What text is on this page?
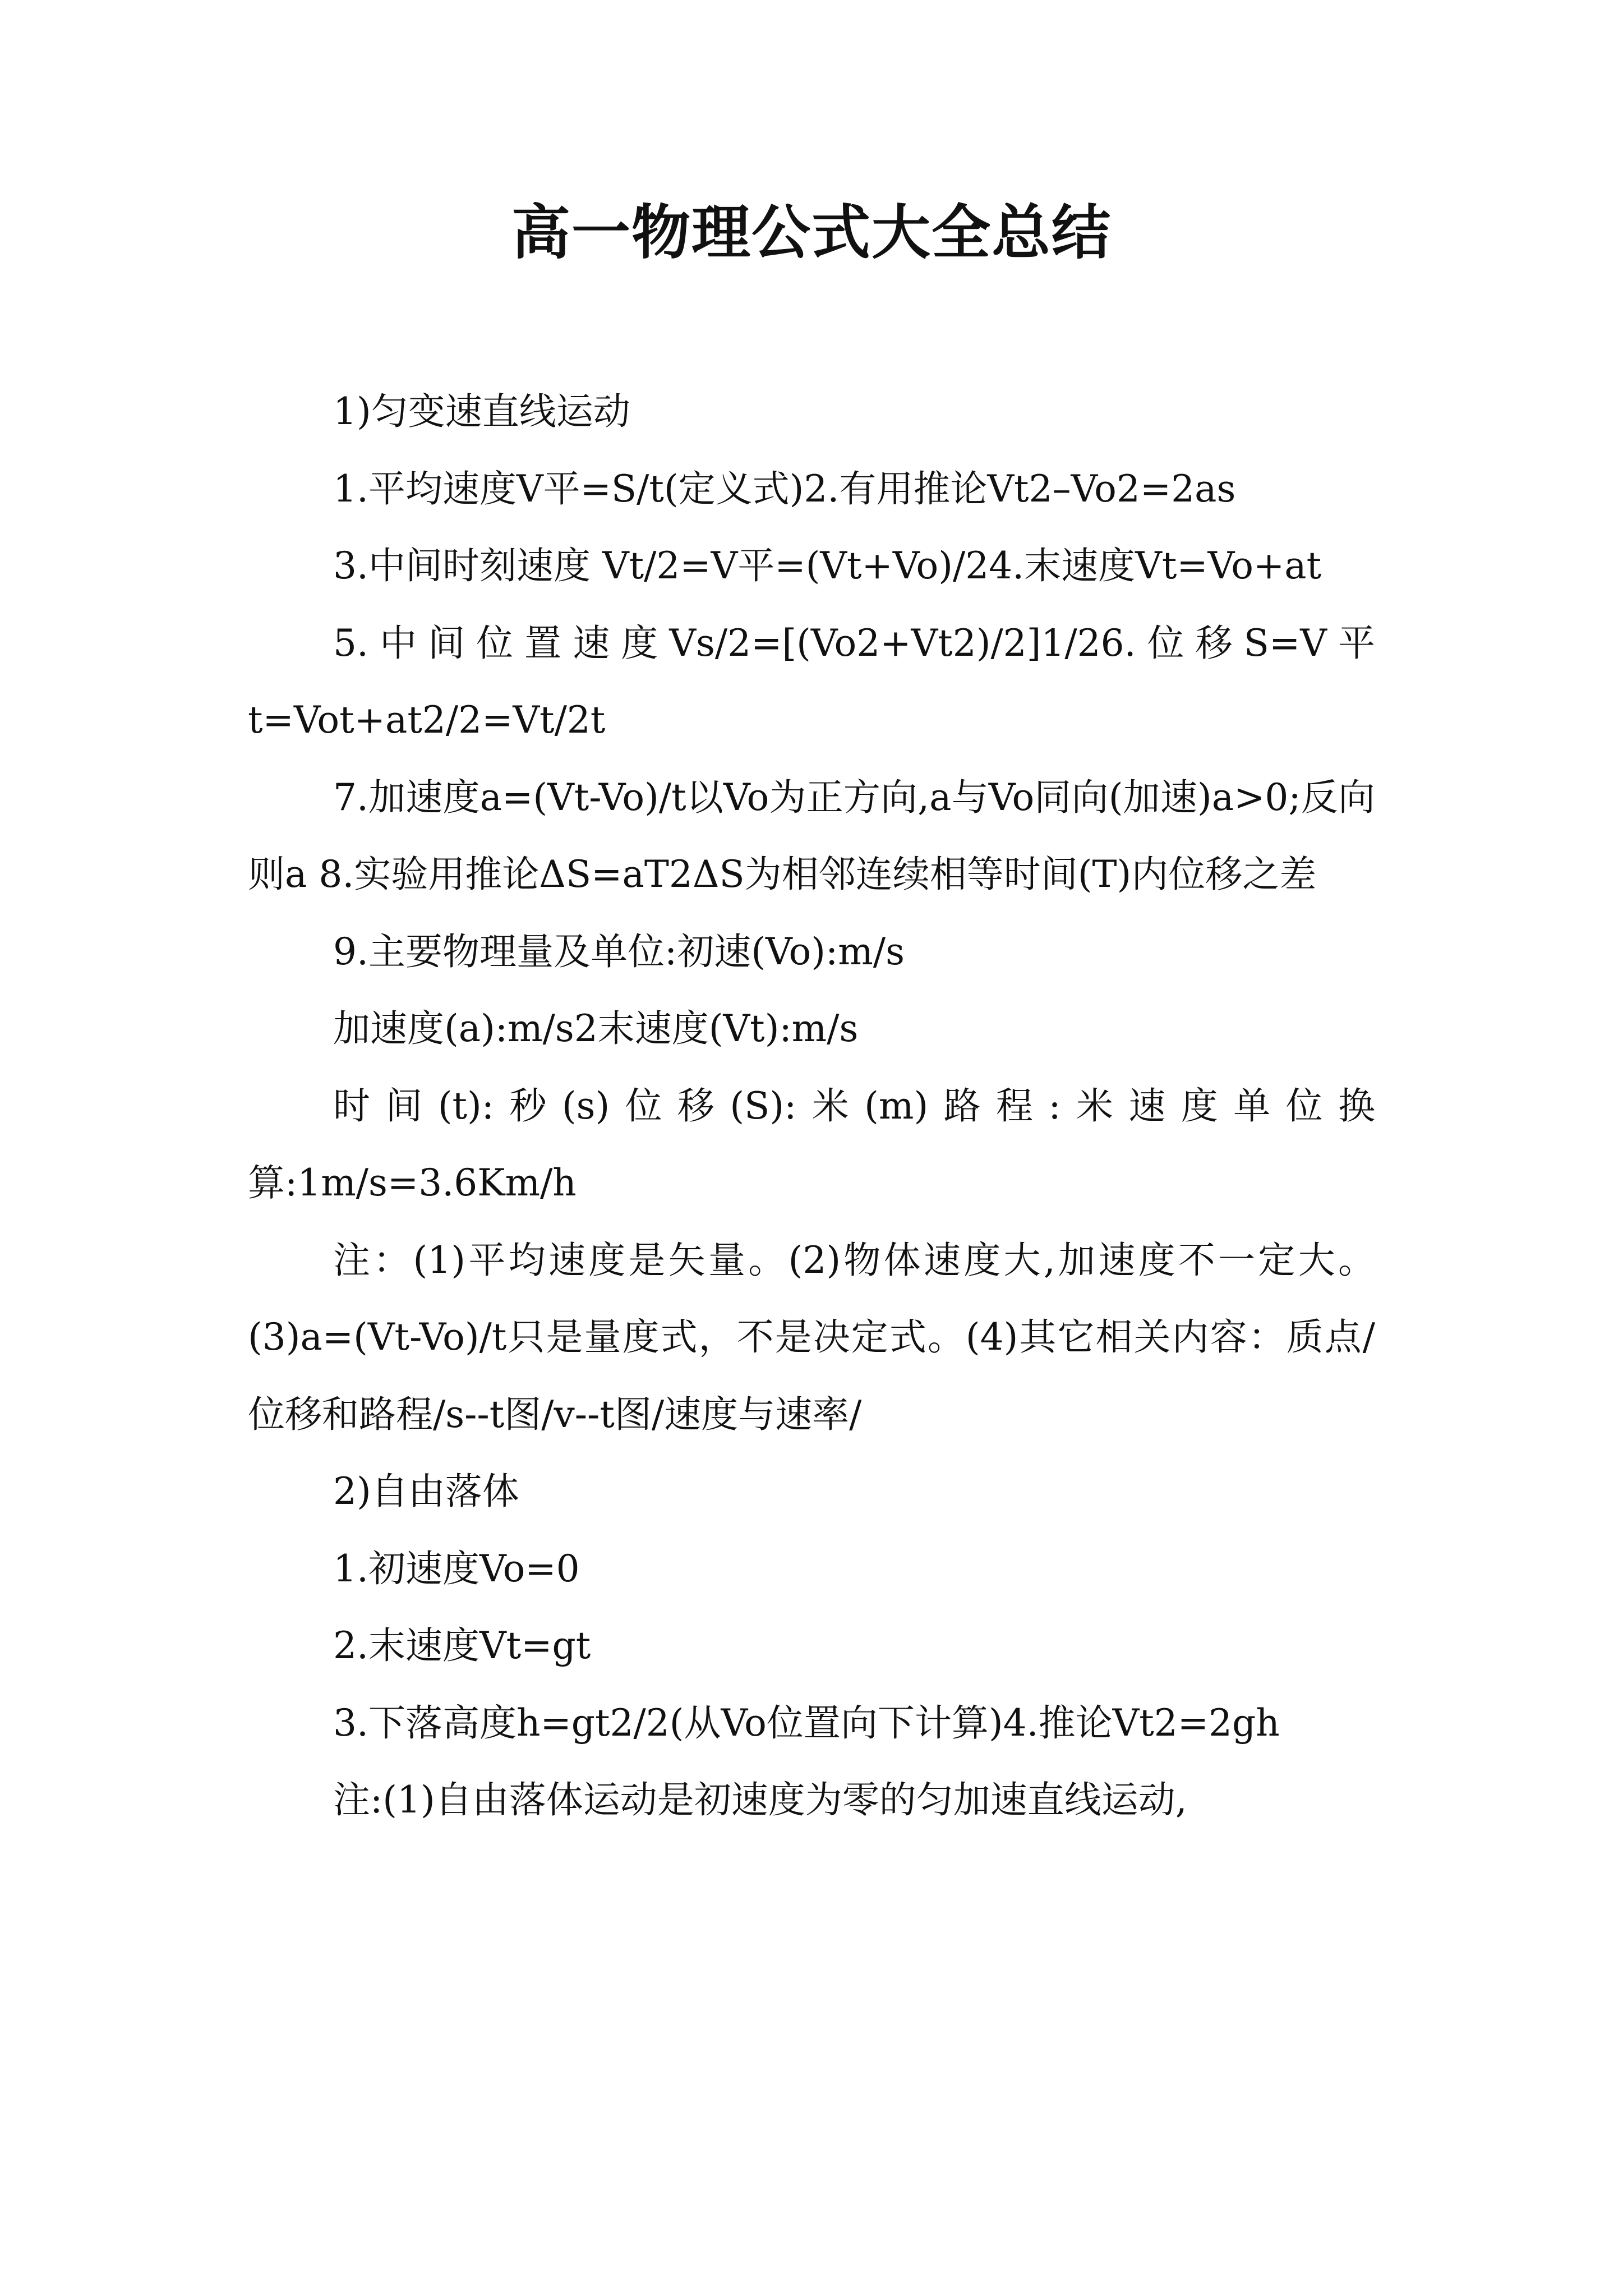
高一物理公式大全总结

1)匀变速直线运动

1.平均速度V平=S/t(定义式)2.有用推论Vt2–Vo2=2as

3.中间时刻速度 Vt/2=V平=(Vt+Vo)/24.末速度Vt=Vo+at

5.中间位置速度Vs/2=[(Vo2+Vt2)/2]1/26.位移S=V平t=Vot+at2/2=Vt/2t

7.加速度a=(Vt-Vo)/t以Vo为正方向,a与Vo同向(加速)a>0;反向则a 8.实验用推论ΔS=aT2ΔS为相邻连续相等时间(T)内位移之差

9.主要物理量及单位:初速(Vo):m/s

加速度(a):m/s2末速度(Vt):m/s

时间(t):秒(s)位移(S):米(m)路程:米速度单位换算:1m/s=3.6Km/h

注：(1)平均速度是矢量。(2)物体速度大,加速度不一定大。(3)a=(Vt-Vo)/t只是量度式，不是决定式。(4)其它相关内容：质点/位移和路程/s--t图/v--t图/速度与速率/

2)自由落体

1.初速度Vo=0

2.末速度Vt=gt

3.下落高度h=gt2/2(从Vo位置向下计算)4.推论Vt2=2gh

注:(1)自由落体运动是初速度为零的匀加速直线运动,
